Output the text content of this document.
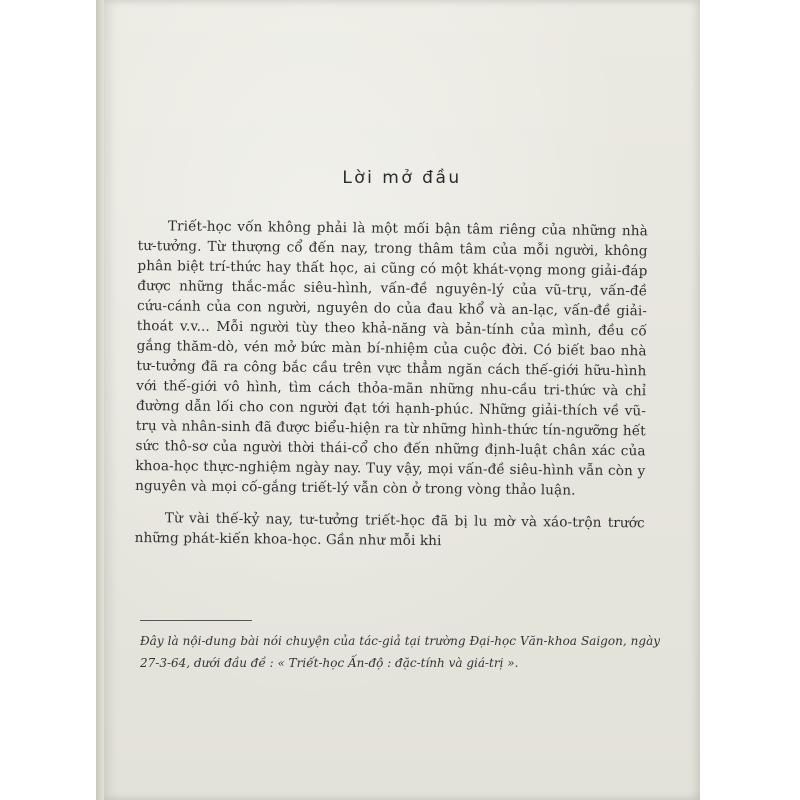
Lời mở đầu

Triết-học vốn không phải là một mối bận tâm riêng của những nhà tư-tưởng. Từ thượng cổ đến nay, trong thâm tâm của mỗi người, không phân biệt trí-thức hay thất học, ai cũng có một khát-vọng mong giải-đáp được những thắc-mắc siêu-hình, vấn-đề nguyên-lý của vũ-trụ, vấn-đề cứu-cánh của con người, nguyên do của đau khổ và an-lạc, vấn-đề giải-thoát v.v... Mỗi người tùy theo khả-năng và bản-tính của mình, đều cố gắng thăm-dò, vén mở bức màn bí-nhiệm của cuộc đời. Có biết bao nhà tư-tưởng đã ra công bắc cầu trên vực thẳm ngăn cách thế-giới hữu-hình với thế-giới vô hình, tìm cách thỏa-mãn những nhu-cầu tri-thức và chỉ đường dẫn lối cho con người đạt tới hạnh-phúc. Những giải-thích về vũ-trụ và nhân-sinh đã được biểu-hiện ra từ những hình-thức tín-ngưỡng hết sức thô-sơ của người thời thái-cổ cho đến những định-luật chân xác của khoa-học thực-nghiệm ngày nay. Tuy vậy, mọi vấn-đề siêu-hình vẫn còn y nguyên và mọi cố-gắng triết-lý vẫn còn ở trong vòng thảo luận.

Từ vài thế-kỷ nay, tư-tưởng triết-học đã bị lu mờ và xáo-trộn trước những phát-kiến khoa-học. Gần như mỗi khi

Đây là nội-dung bài nói chuyện của tác-giả tại trường Đại-học Văn-khoa Saigon, ngày 27-3-64, dưới đầu đề : « Triết-học Ấn-độ : đặc-tính và giá-trị ».
